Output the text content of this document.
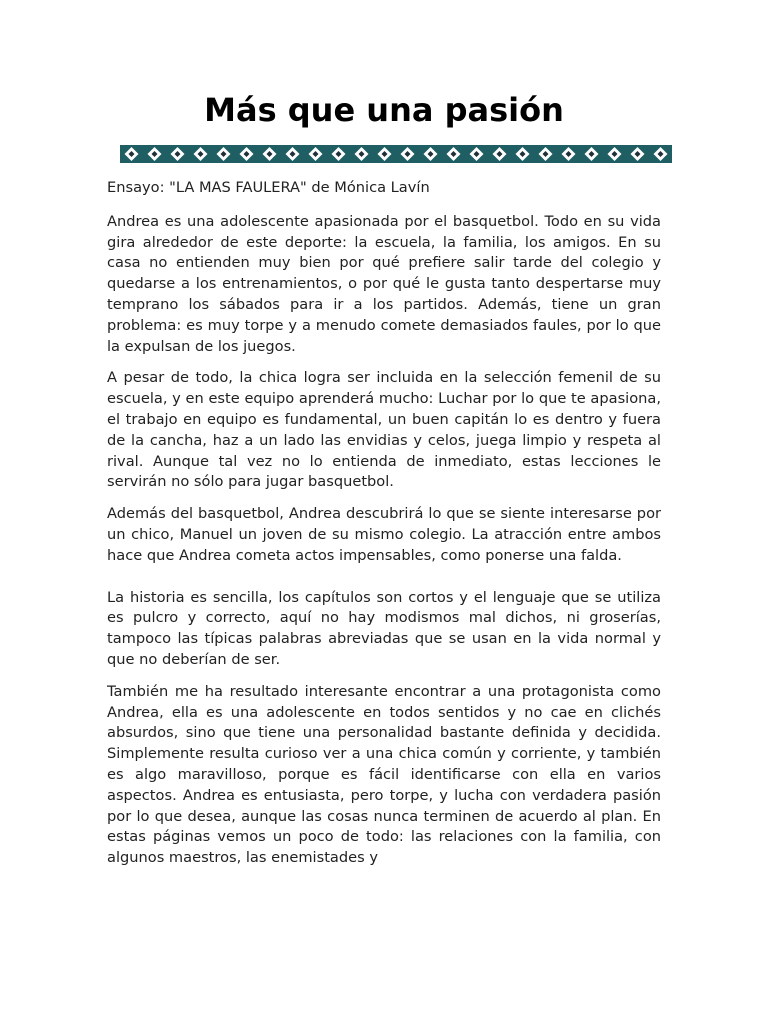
Más que una pasión

Ensayo: "LA MAS FAULERA" de Mónica Lavín

Andrea es una adolescente apasionada por el basquetbol. Todo en su vida gira alrededor de este deporte: la escuela, la familia, los amigos. En su casa no entienden muy bien por qué prefiere salir tarde del colegio y quedarse a los entrenamientos, o por qué le gusta tanto despertarse muy temprano los sábados para ir a los partidos. Además, tiene un gran problema: es muy torpe y a menudo comete demasiados faules, por lo que la expulsan de los juegos.

A pesar de todo, la chica logra ser incluida en la selección femenil de su escuela, y en este equipo aprenderá mucho: Luchar por lo que te apasiona, el trabajo en equipo es fundamental, un buen capitán lo es dentro y fuera de la cancha, haz a un lado las envidias y celos, juega limpio y respeta al rival. Aunque tal vez no lo entienda de inmediato, estas lecciones le servirán no sólo para jugar basquetbol.

Además del basquetbol, Andrea descubrirá lo que se siente interesarse por un chico, Manuel un joven de su mismo colegio. La atracción entre ambos hace que Andrea cometa actos impensables, como ponerse una falda.

La historia es sencilla, los capítulos son cortos y el lenguaje que se utiliza es pulcro y correcto, aquí no hay modismos mal dichos, ni groserías, tampoco las típicas palabras abreviadas que se usan en la vida normal y que no deberían de ser.

También me ha resultado interesante encontrar a una protagonista como Andrea, ella es una adolescente en todos sentidos y no cae en clichés absurdos, sino que tiene una personalidad bastante definida y decidida. Simplemente resulta curioso ver a una chica común y corriente, y también es algo maravilloso, porque es fácil identificarse con ella en varios aspectos. Andrea es entusiasta, pero torpe, y lucha con verdadera pasión por lo que desea, aunque las cosas nunca terminen de acuerdo al plan. En estas páginas vemos un poco de todo: las relaciones con la familia, con algunos maestros, las enemistades y
